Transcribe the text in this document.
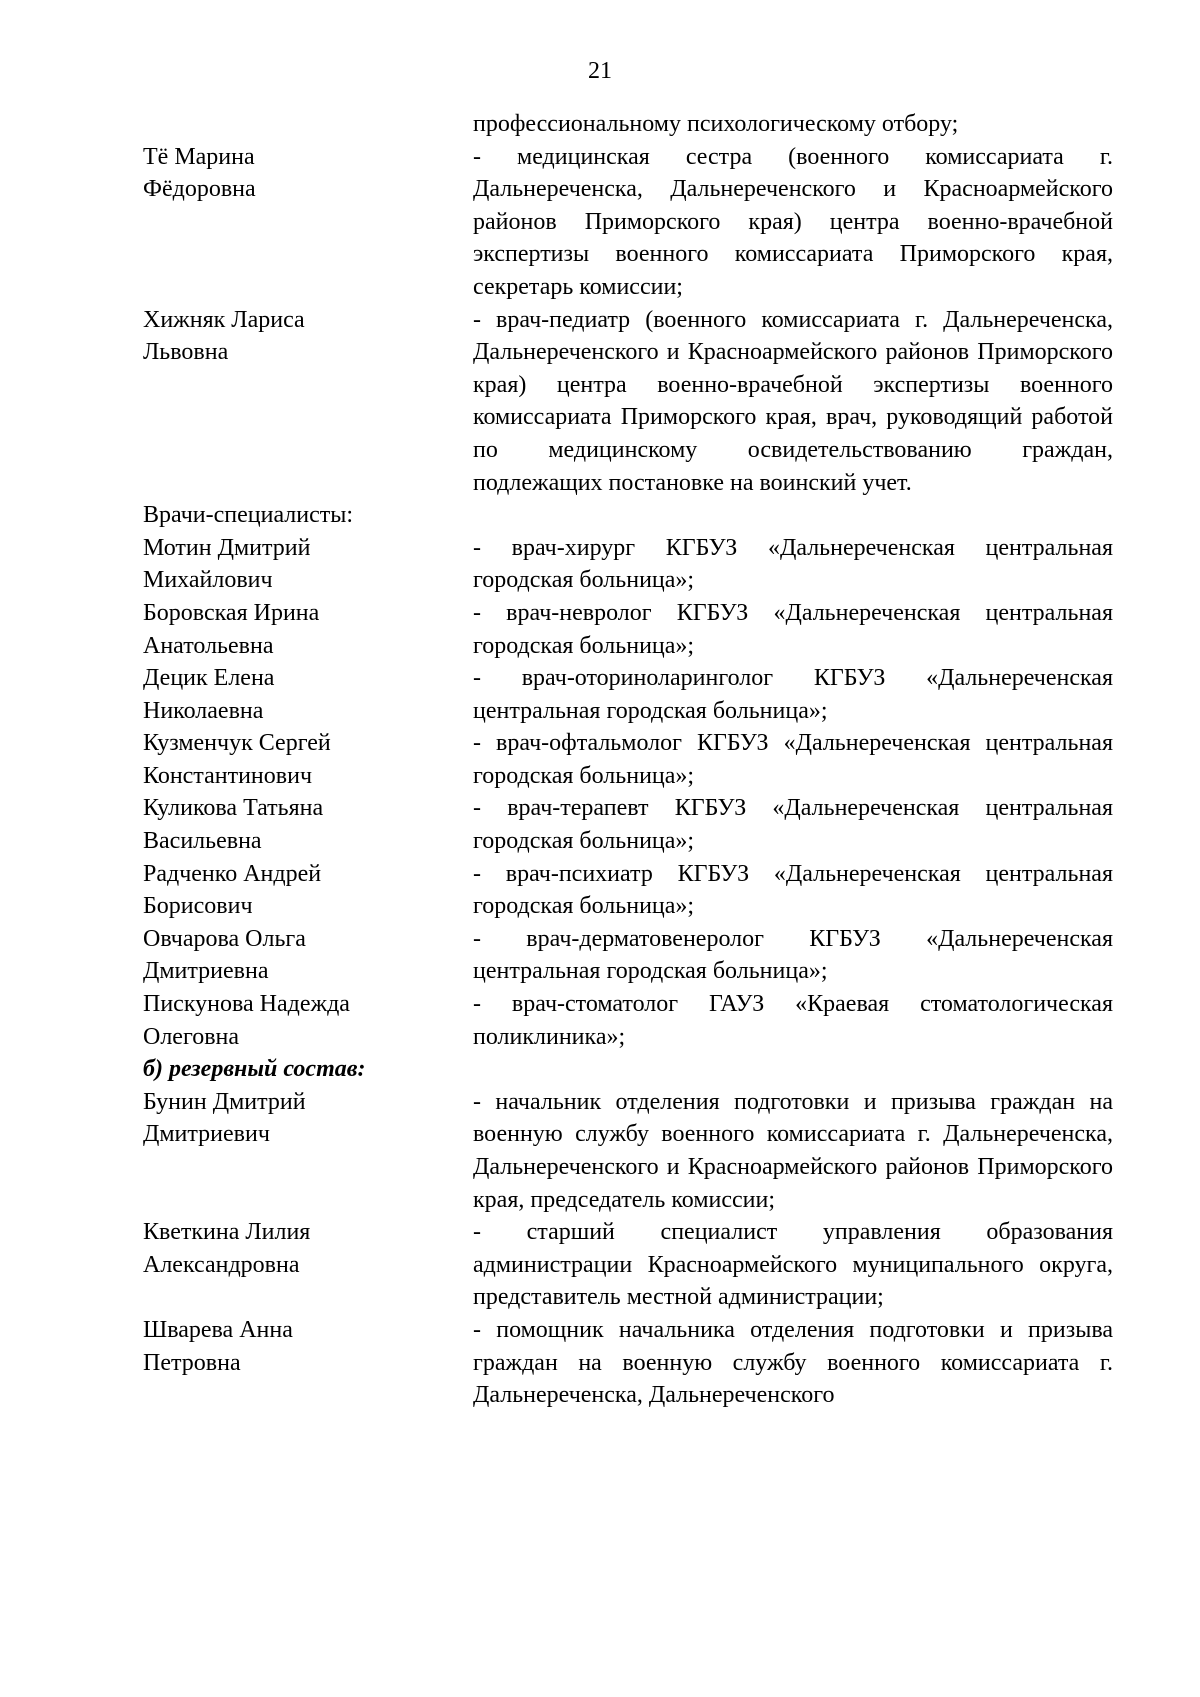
21
профессиональному психологическому отбору;
Тё Марина
Фёдоровна
- медицинская сестра (военного комиссариата г. Дальнереченска, Дальнереченского и Красноармейского районов Приморского края) центра военно-врачебной экспертизы военного комиссариата Приморского края, секретарь комиссии;
Хижняк Лариса
Львовна
- врач-педиатр (военного комиссариата г. Дальнереченска, Дальнереченского и Красноармейского районов Приморского края) центра военно-врачебной экспертизы военного комиссариата Приморского края, врач, руководящий работой по медицинскому освидетельствованию граждан, подлежащих постановке на воинский учет.
Врачи-специалисты:
Мотин Дмитрий
Михайлович
- врач-хирург КГБУЗ «Дальнереченская центральная городская больница»;
Боровская Ирина
Анатольевна
- врач-невролог КГБУЗ «Дальнереченская центральная городская больница»;
Децик Елена
Николаевна
- врач-оториноларинголог КГБУЗ «Дальнереченская центральная городская больница»;
Кузменчук Сергей
Константинович
- врач-офтальмолог КГБУЗ «Дальнереченская центральная городская больница»;
Куликова Татьяна
Васильевна
- врач-терапевт КГБУЗ «Дальнереченская центральная городская больница»;
Радченко Андрей
Борисович
- врач-психиатр КГБУЗ «Дальнереченская центральная городская больница»;
Овчарова Ольга
Дмитриевна
- врач-дерматовенеролог КГБУЗ «Дальнереченская центральная городская больница»;
Пискунова Надежда
Олеговна
- врач-стоматолог ГАУЗ «Краевая стоматологическая поликлиника»;
б) резервный состав:
Бунин Дмитрий
Дмитриевич
- начальник отделения подготовки и призыва граждан на военную службу военного комиссариата г. Дальнереченска, Дальнереченского и Красноармейского районов Приморского края, председатель комиссии;
Кветкина Лилия
Александровна
- старший специалист управления образования администрации Красноармейского муниципального округа, представитель местной администрации;
Шварева Анна
Петровна
- помощник начальника отделения подготовки и призыва граждан на военную службу военного комиссариата г. Дальнереченска, Дальнереченского
